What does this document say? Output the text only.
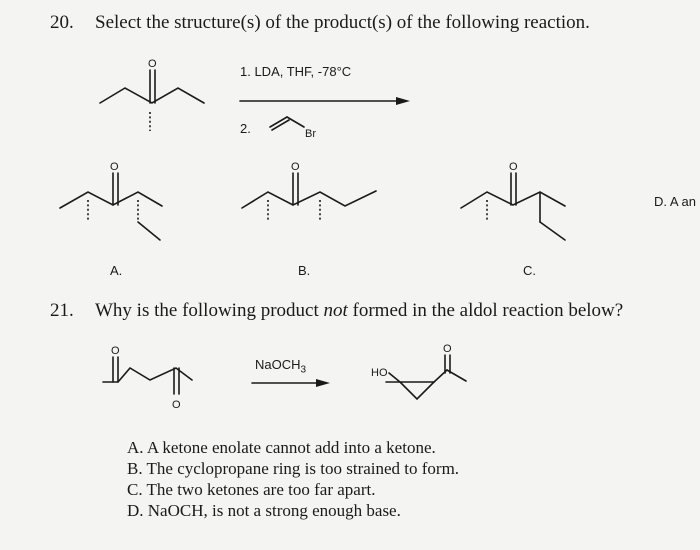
20. Select the structure(s) of the product(s) of the following reaction.
1. LDA, THF, -78°C
2.
D. A an
21. Why is the following product not formed in the aldol reaction below?
NaOCH$_3$
A. A ketone enolate cannot add into a ketone.
B. The cyclopropane ring is too strained to form.
C. The two ketones are too far apart.
D. NaOCH, is not a strong enough base.
O
Br
O
A.
O
B.
O
C.
O
O
HO
O
